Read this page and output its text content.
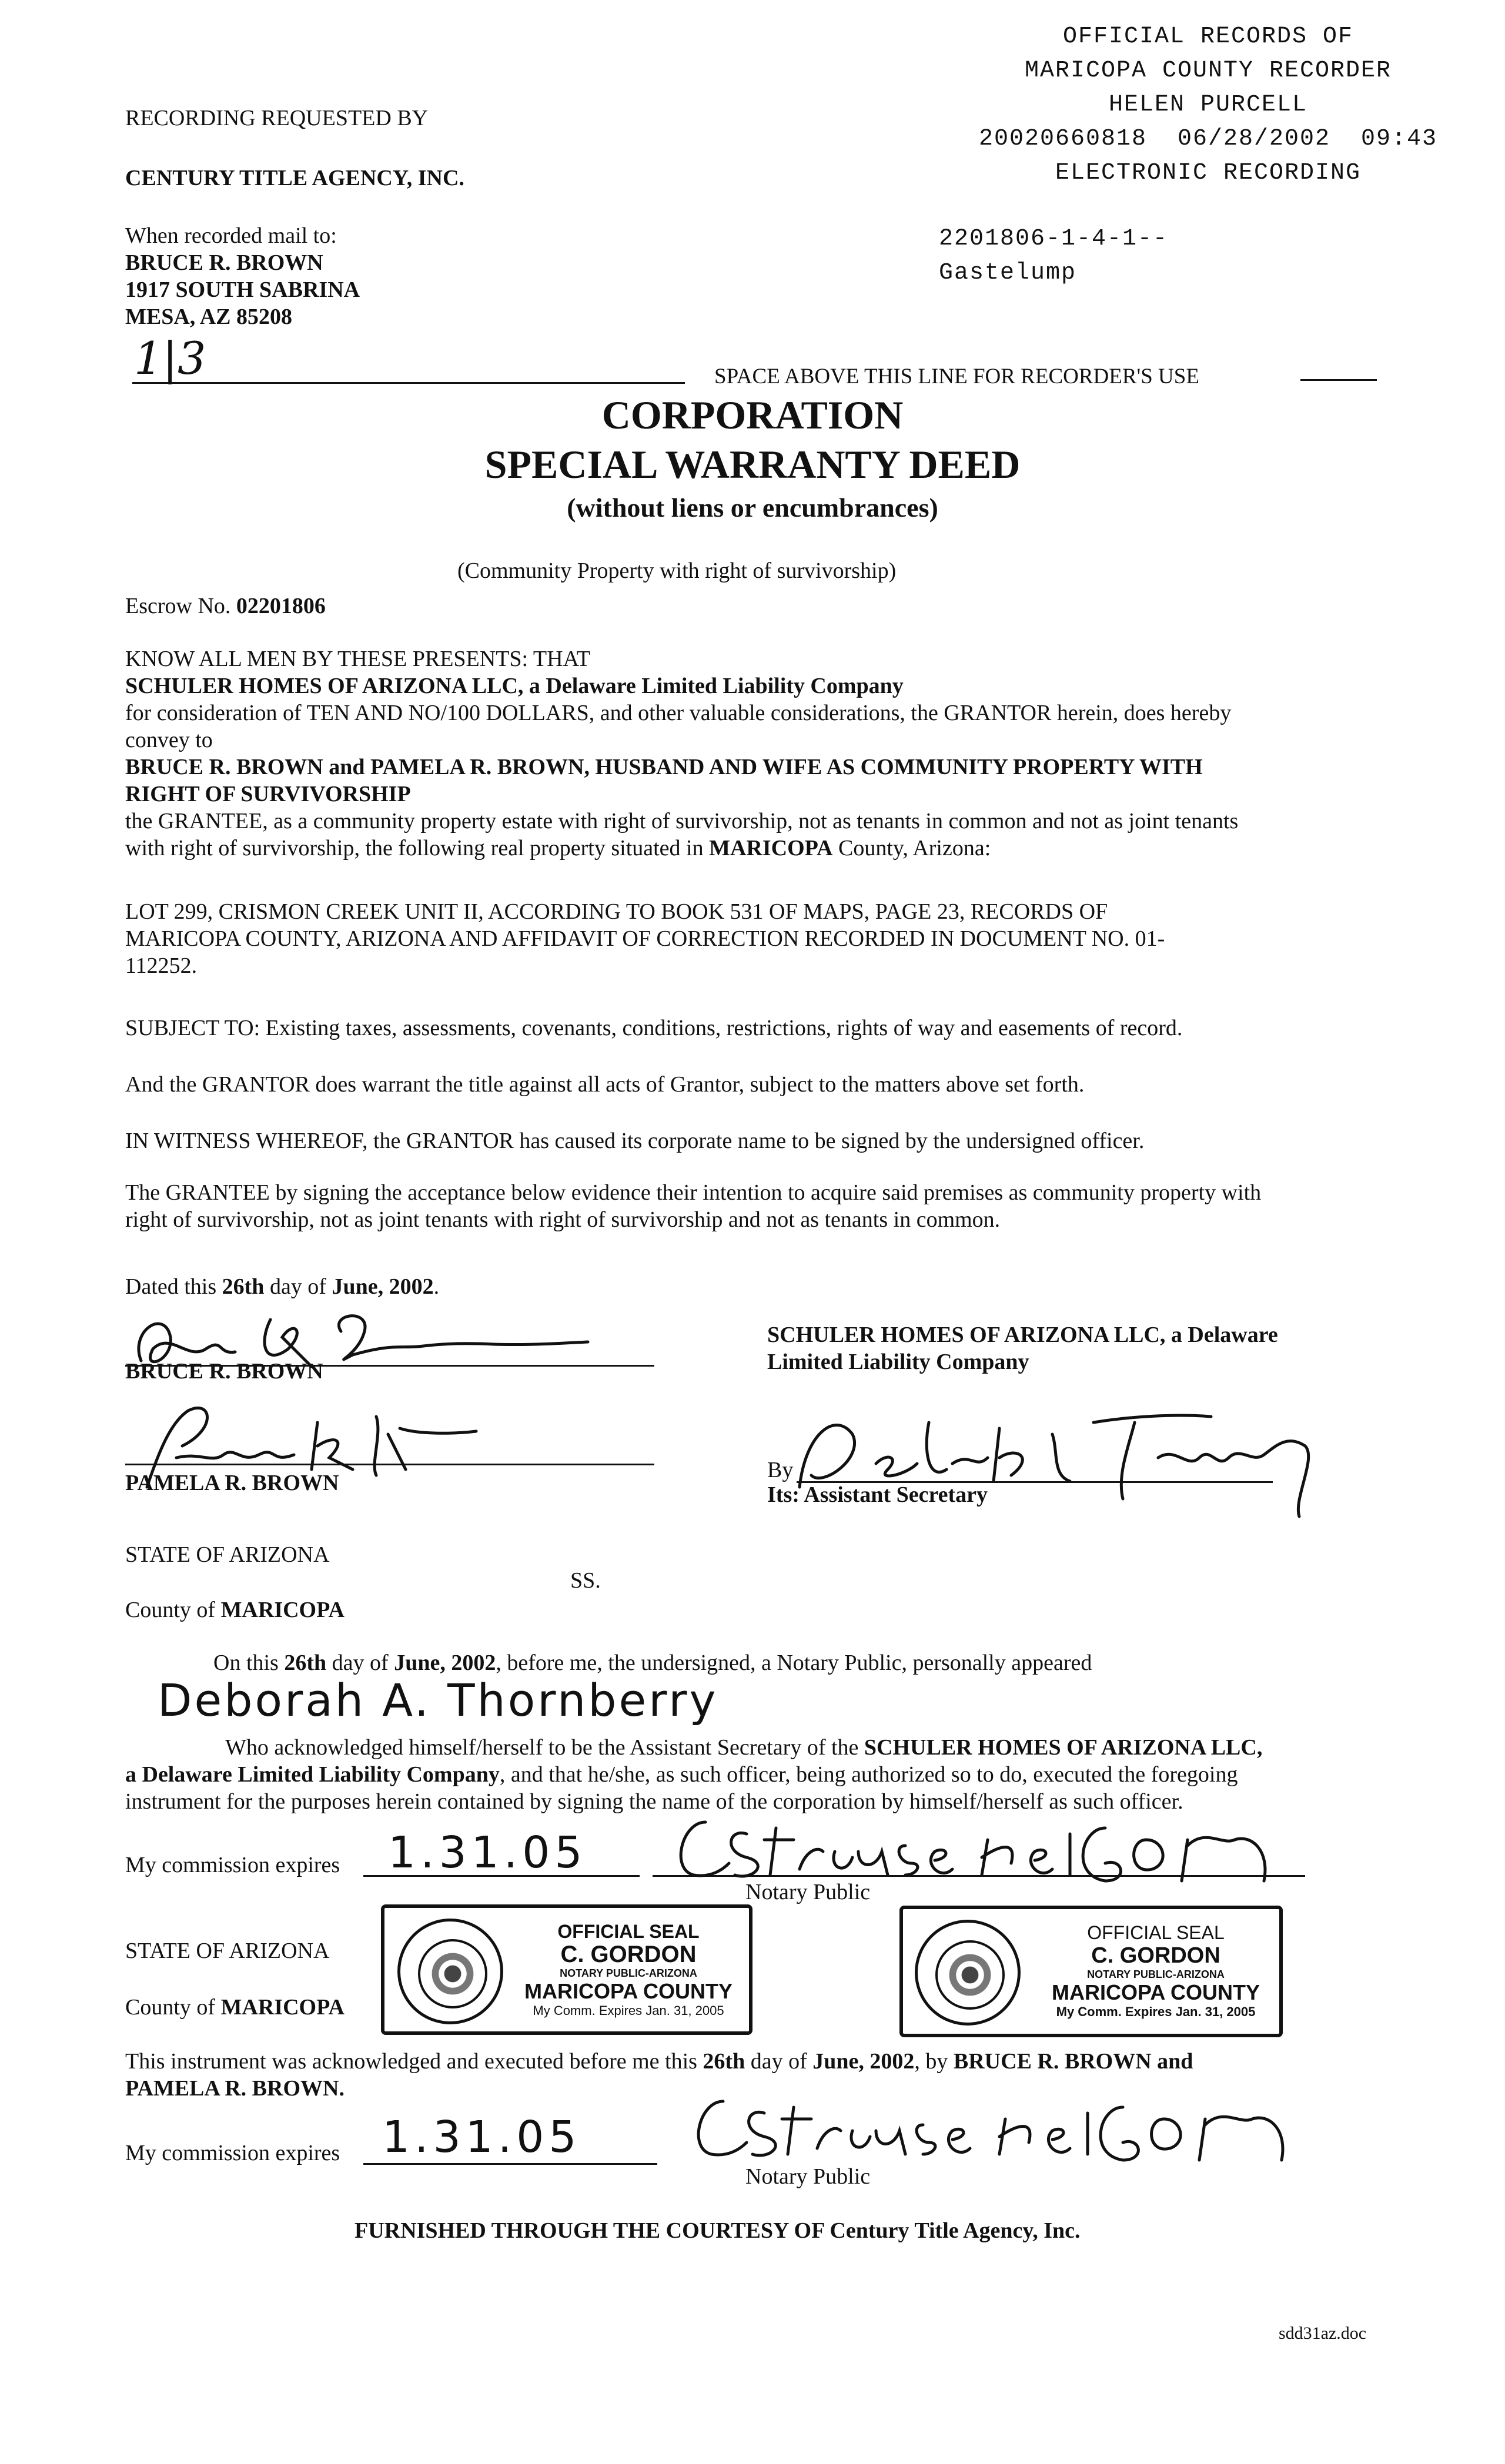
OFFICIAL RECORDS OF
MARICOPA COUNTY RECORDER
HELEN PURCELL
20020660818  06/28/2002  09:43
ELECTRONIC RECORDING
2201806-1-4-1--
Gastelump
RECORDING REQUESTED BY
CENTURY TITLE AGENCY, INC.
When recorded mail to:
BRUCE R. BROWN
1917 SOUTH SABRINA
MESA, AZ 85208
1|3	SPACE ABOVE THIS LINE FOR RECORDER'S USE
CORPORATION
SPECIAL WARRANTY DEED
(without liens or encumbrances)
(Community Property with right of survivorship)
Escrow No. 02201806
KNOW ALL MEN BY THESE PRESENTS: THAT
SCHULER HOMES OF ARIZONA LLC, a Delaware Limited Liability Company
for consideration of TEN AND NO/100 DOLLARS, and other valuable considerations, the GRANTOR herein, does hereby
convey to
BRUCE R. BROWN and PAMELA R. BROWN, HUSBAND AND WIFE AS COMMUNITY PROPERTY WITH
RIGHT OF SURVIVORSHIP
the GRANTEE, as a community property estate with right of survivorship, not as tenants in common and not as joint tenants
with right of survivorship, the following real property situated in MARICOPA County, Arizona:
LOT 299, CRISMON CREEK UNIT II, ACCORDING TO BOOK 531 OF MAPS, PAGE 23, RECORDS OF
MARICOPA COUNTY, ARIZONA AND AFFIDAVIT OF CORRECTION RECORDED IN DOCUMENT NO. 01-
112252.
SUBJECT TO: Existing taxes, assessments, covenants, conditions, restrictions, rights of way and easements of record.
And the GRANTOR does warrant the title against all acts of Grantor, subject to the matters above set forth.
IN WITNESS WHEREOF, the GRANTOR has caused its corporate name to be signed by the undersigned officer.
The GRANTEE by signing the acceptance below evidence their intention to acquire said premises as community property with
right of survivorship, not as joint tenants with right of survivorship and not as tenants in common.
Dated this 26th day of June, 2002.
Bruce R Brown
BRUCE R. BROWN
PAMELA R. BROWN
SCHULER HOMES OF ARIZONA LLC, a Delaware
Limited Liability Company
By
Its: Assistant Secretary
STATE OF ARIZONA
SS.
County of MARICOPA
On this 26th day of June, 2002, before me, the undersigned, a Notary Public, personally appeared
Deborah A. Thornberry
Who acknowledged himself/herself to be the Assistant Secretary of the SCHULER HOMES OF ARIZONA LLC,
a Delaware Limited Liability Company, and that he/she, as such officer, being authorized so to do, executed the foregoing
instrument for the purposes herein contained by signing the name of the corporation by himself/herself as such officer.
My commission expires 1.31.05
Notary Public
OFFICIAL SEAL
C. GORDON
NOTARY PUBLIC-ARIZONA
MARICOPA COUNTY
My Comm. Expires Jan. 31, 2005
OFFICIAL SEAL
C. GORDON
NOTARY PUBLIC-ARIZONA
MARICOPA COUNTY
My Comm. Expires Jan. 31, 2005
STATE OF ARIZONA
County of MARICOPA
This instrument was acknowledged and executed before me this 26th day of June, 2002, by BRUCE R. BROWN and
PAMELA R. BROWN.
My commission expires 1.31.05
Notary Public
FURNISHED THROUGH THE COURTESY OF Century Title Agency, Inc.
sdd31az.doc
